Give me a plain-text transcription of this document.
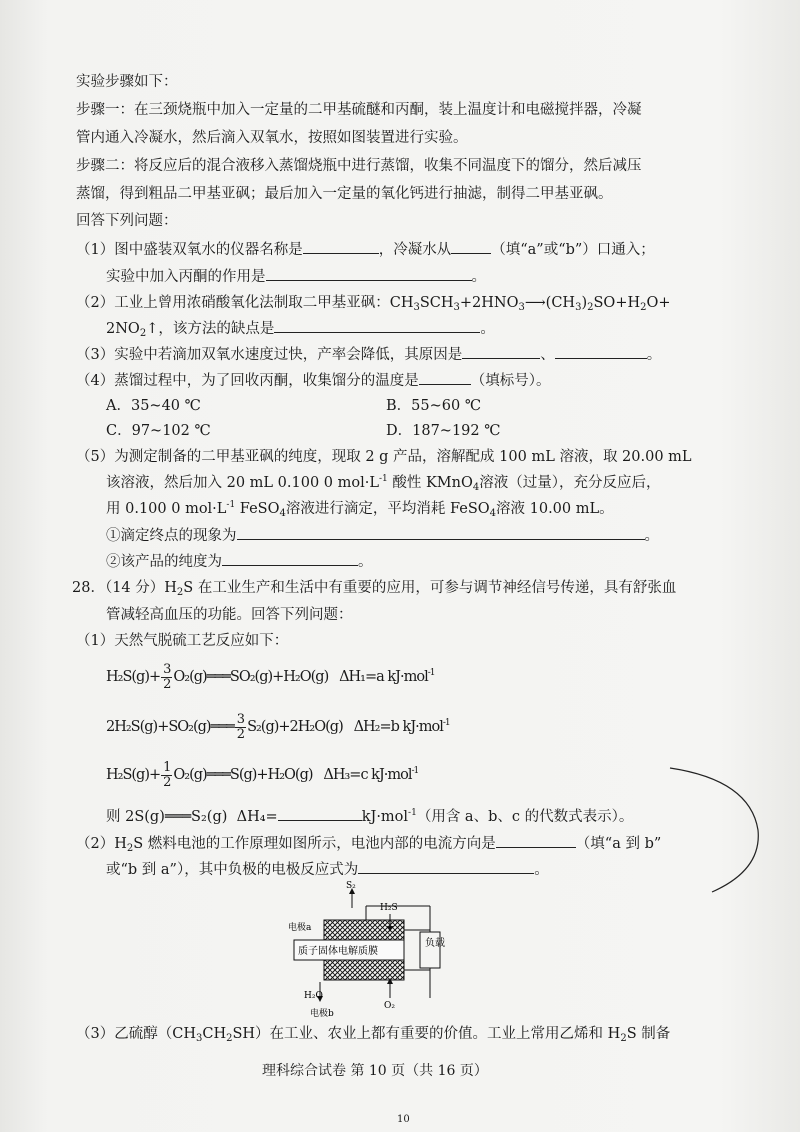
实验步骤如下：
步骤一：在三颈烧瓶中加入一定量的二甲基硫醚和丙酮，装上温度计和电磁搅拌器，冷凝
管内通入冷凝水，然后滴入双氧水，按照如图装置进行实验。
步骤二：将反应后的混合液移入蒸馏烧瓶中进行蒸馏，收集不同温度下的馏分，然后减压
蒸馏，得到粗品二甲基亚砜；最后加入一定量的氧化钙进行抽滤，制得二甲基亚砜。
回答下列问题：
（1）图中盛装双氧水的仪器名称是	，冷凝水从	（填“a”或“b”）口通入；
实验中加入丙酮的作用是	。
（2）工业上曾用浓硝酸氧化法制取二甲基亚砜：$CH_3SCH_3+2HNO_3⟶(CH_3)_2SO+H_2O+$
$2NO_2↑$，该方法的缺点是	。
（3）实验中若滴加双氧水速度过快，产率会降低，其原因是	、	。
（4）蒸馏过程中，为了回收丙酮，收集馏分的温度是	（填标号）。
A．35~40 ℃	B．55~60 ℃
C．97~102 ℃	D．187~192 ℃
（5）为测定制备的二甲基亚砜的纯度，现取 2 g 产品，溶解配成 100 mL 溶液，取 20.00 mL
该溶液，然后加入 20 mL 0.100 0 $mol\cdot L^{-1}$ 酸性 KMnO$_4$溶液（过量），充分反应后，
用 0.100 0 $mol\cdot L^{-1}$ FeSO$_4$溶液进行滴定，平均消耗 FeSO$_4$溶液 10.00 mL。
①滴定终点的现象为	。
②该产品的纯度为	。
28．（14 分）$H_2S$ 在工业生产和生活中有重要的应用，可参与调节神经信号传递，具有舒张血
管减轻高血压的功能。回答下列问题：
（1）天然气脱硫工艺反应如下：
$H_2S(g)+ \frac{3}{2}$ O₂(g)═══SO₂(g)+H₂O(g) ΔH₁=a kJ·mol$^{-1}$
2H₂S(g)+SO₂(g)═══ $\frac{3}{2} S_2(g)+2H_2O(g)$ ΔH₂=b kJ·mol$^{-1}$
$H_2S(g)+ \frac{1}{2}$ O₂(g)═══S(g)+H₂O(g) ΔH₃=c kJ·mol$^{-1}$
则 2S(g)═══S₂(g) ΔH₄=	kJ·mol$^{-1}$（用含 a、b、c 的代数式表示）。
$(2)H_2S$ 燃料电池的工作原理如图所示，电池内部的电流方向是	（填“a 到 b”
或“b 到 a”），其中负极的电极反应式为	。
S₂
H₂S
电极a
质子固体电解质膜
负载
H₂O
O₂
电极b
（3）乙硫醇$(CH_3CH_2SH)$在工业、农业上都有重要的价值。工业上常用乙烯和 $H_2S$ 制备
理科综合试卷 第 10 页（共 16 页）
10
